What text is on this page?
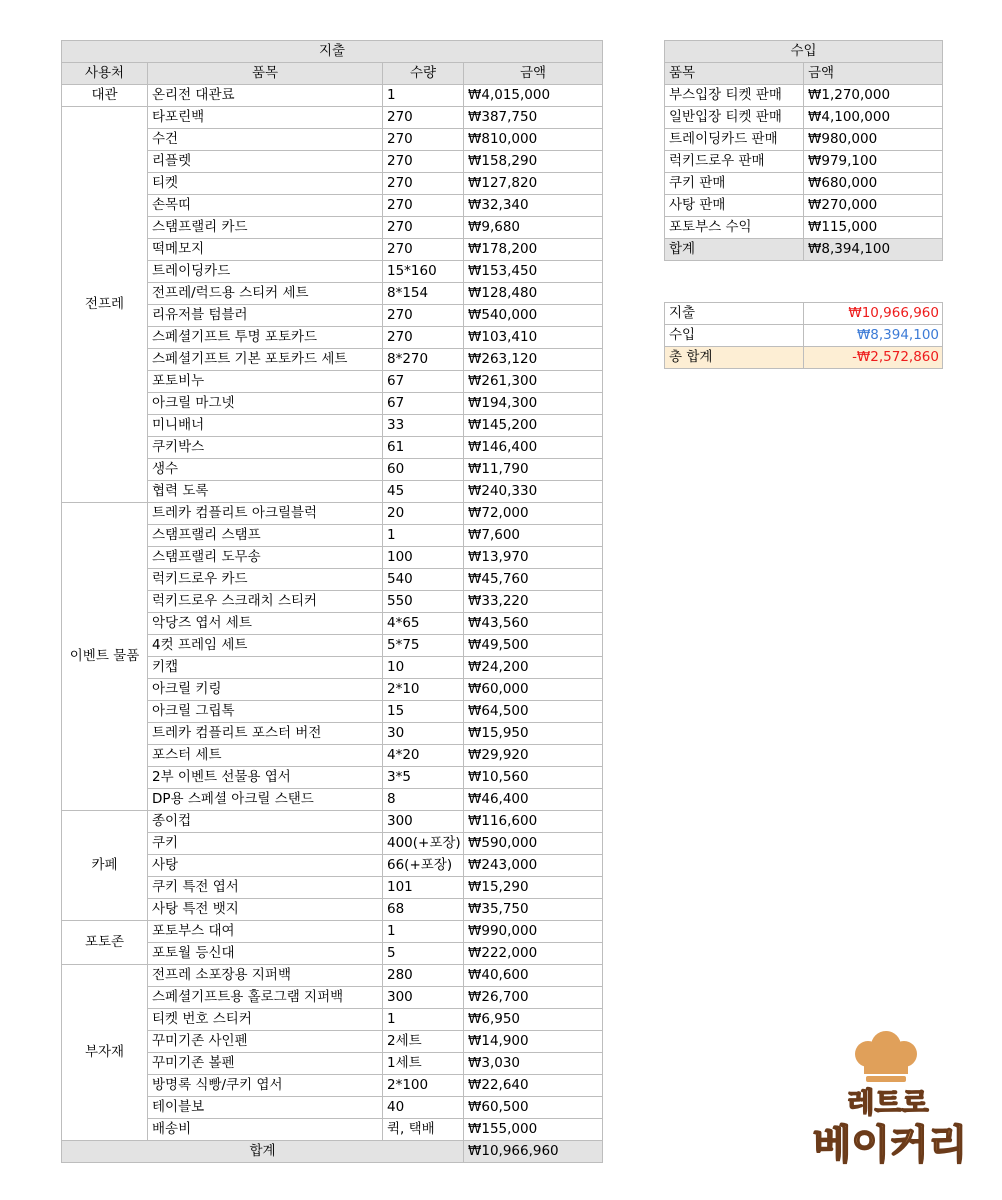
지출			
사용처	품목	수량	금액
대관	온리전 대관료	1	₩4,015,000
전프레	타포린백	270	₩387,750
	수건	270	₩810,000
	리플렛	270	₩158,290
	티켓	270	₩127,820
	손목띠	270	₩32,340
	스탬프랠리 카드	270	₩9,680
	떡메모지	270	₩178,200
	트레이딩카드	15*160	₩153,450
	전프레/럭드용 스티커 세트	8*154	₩128,480
	리유저블 텀블러	270	₩540,000
	스페셜기프트 투명 포토카드	270	₩103,410
	스페셜기프트 기본 포토카드 세트	8*270	₩263,120
	포토비누	67	₩261,300
	아크릴 마그넷	67	₩194,300
	미니배너	33	₩145,200
	쿠키박스	61	₩146,400
	생수	60	₩11,790
	협력 도록	45	₩240,330
이벤트 물품	트레카 컴플리트 아크릴블럭	20	₩72,000
	스탬프랠리 스탬프	1	₩7,600
	스탬프랠리 도무송	100	₩13,970
	럭키드로우 카드	540	₩45,760
	럭키드로우 스크래치 스티커	550	₩33,220
	악당즈 엽서 세트	4*65	₩43,560
	4컷 프레임 세트	5*75	₩49,500
	키캡	10	₩24,200
	아크릴 키링	2*10	₩60,000
	아크릴 그립톡	15	₩64,500
	트레카 컴플리트 포스터 버전	30	₩15,950
	포스터 세트	4*20	₩29,920
	2부 이벤트 선물용 엽서	3*5	₩10,560
	DP용 스페셜 아크릴 스탠드	8	₩46,400
카페	종이컵	300	₩116,600
	쿠키	400(+포장)	₩590,000
	사탕	66(+포장)	₩243,000
	쿠키 특전 엽서	101	₩15,290
	사탕 특전 뱃지	68	₩35,750
포토존	포토부스 대여	1	₩990,000
	포토월 등신대	5	₩222,000
부자재	전프레 소포장용 지퍼백	280	₩40,600
	스페셜기프트용 홀로그램 지퍼백	300	₩26,700
	티켓 번호 스티커	1	₩6,950
	꾸미기존 사인펜	2세트	₩14,900
	꾸미기존 볼펜	1세트	₩3,030
	방명록 식빵/쿠키 엽서	2*100	₩22,640
	테이블보	40	₩60,500
	배송비	퀵, 택배	₩155,000
합계			₩10,966,960
수입	
품목	금액
부스입장 티켓 판매	₩1,270,000
일반입장 티켓 판매	₩4,100,000
트레이딩카드 판매	₩980,000
럭키드로우 판매	₩979,100
쿠키 판매	₩680,000
사탕 판매	₩270,000
포토부스 수익	₩115,000
합계	₩8,394,100
지출	₩10,966,960
수입	₩8,394,100
총 합계	-₩2,572,860
레트로
베이커리
